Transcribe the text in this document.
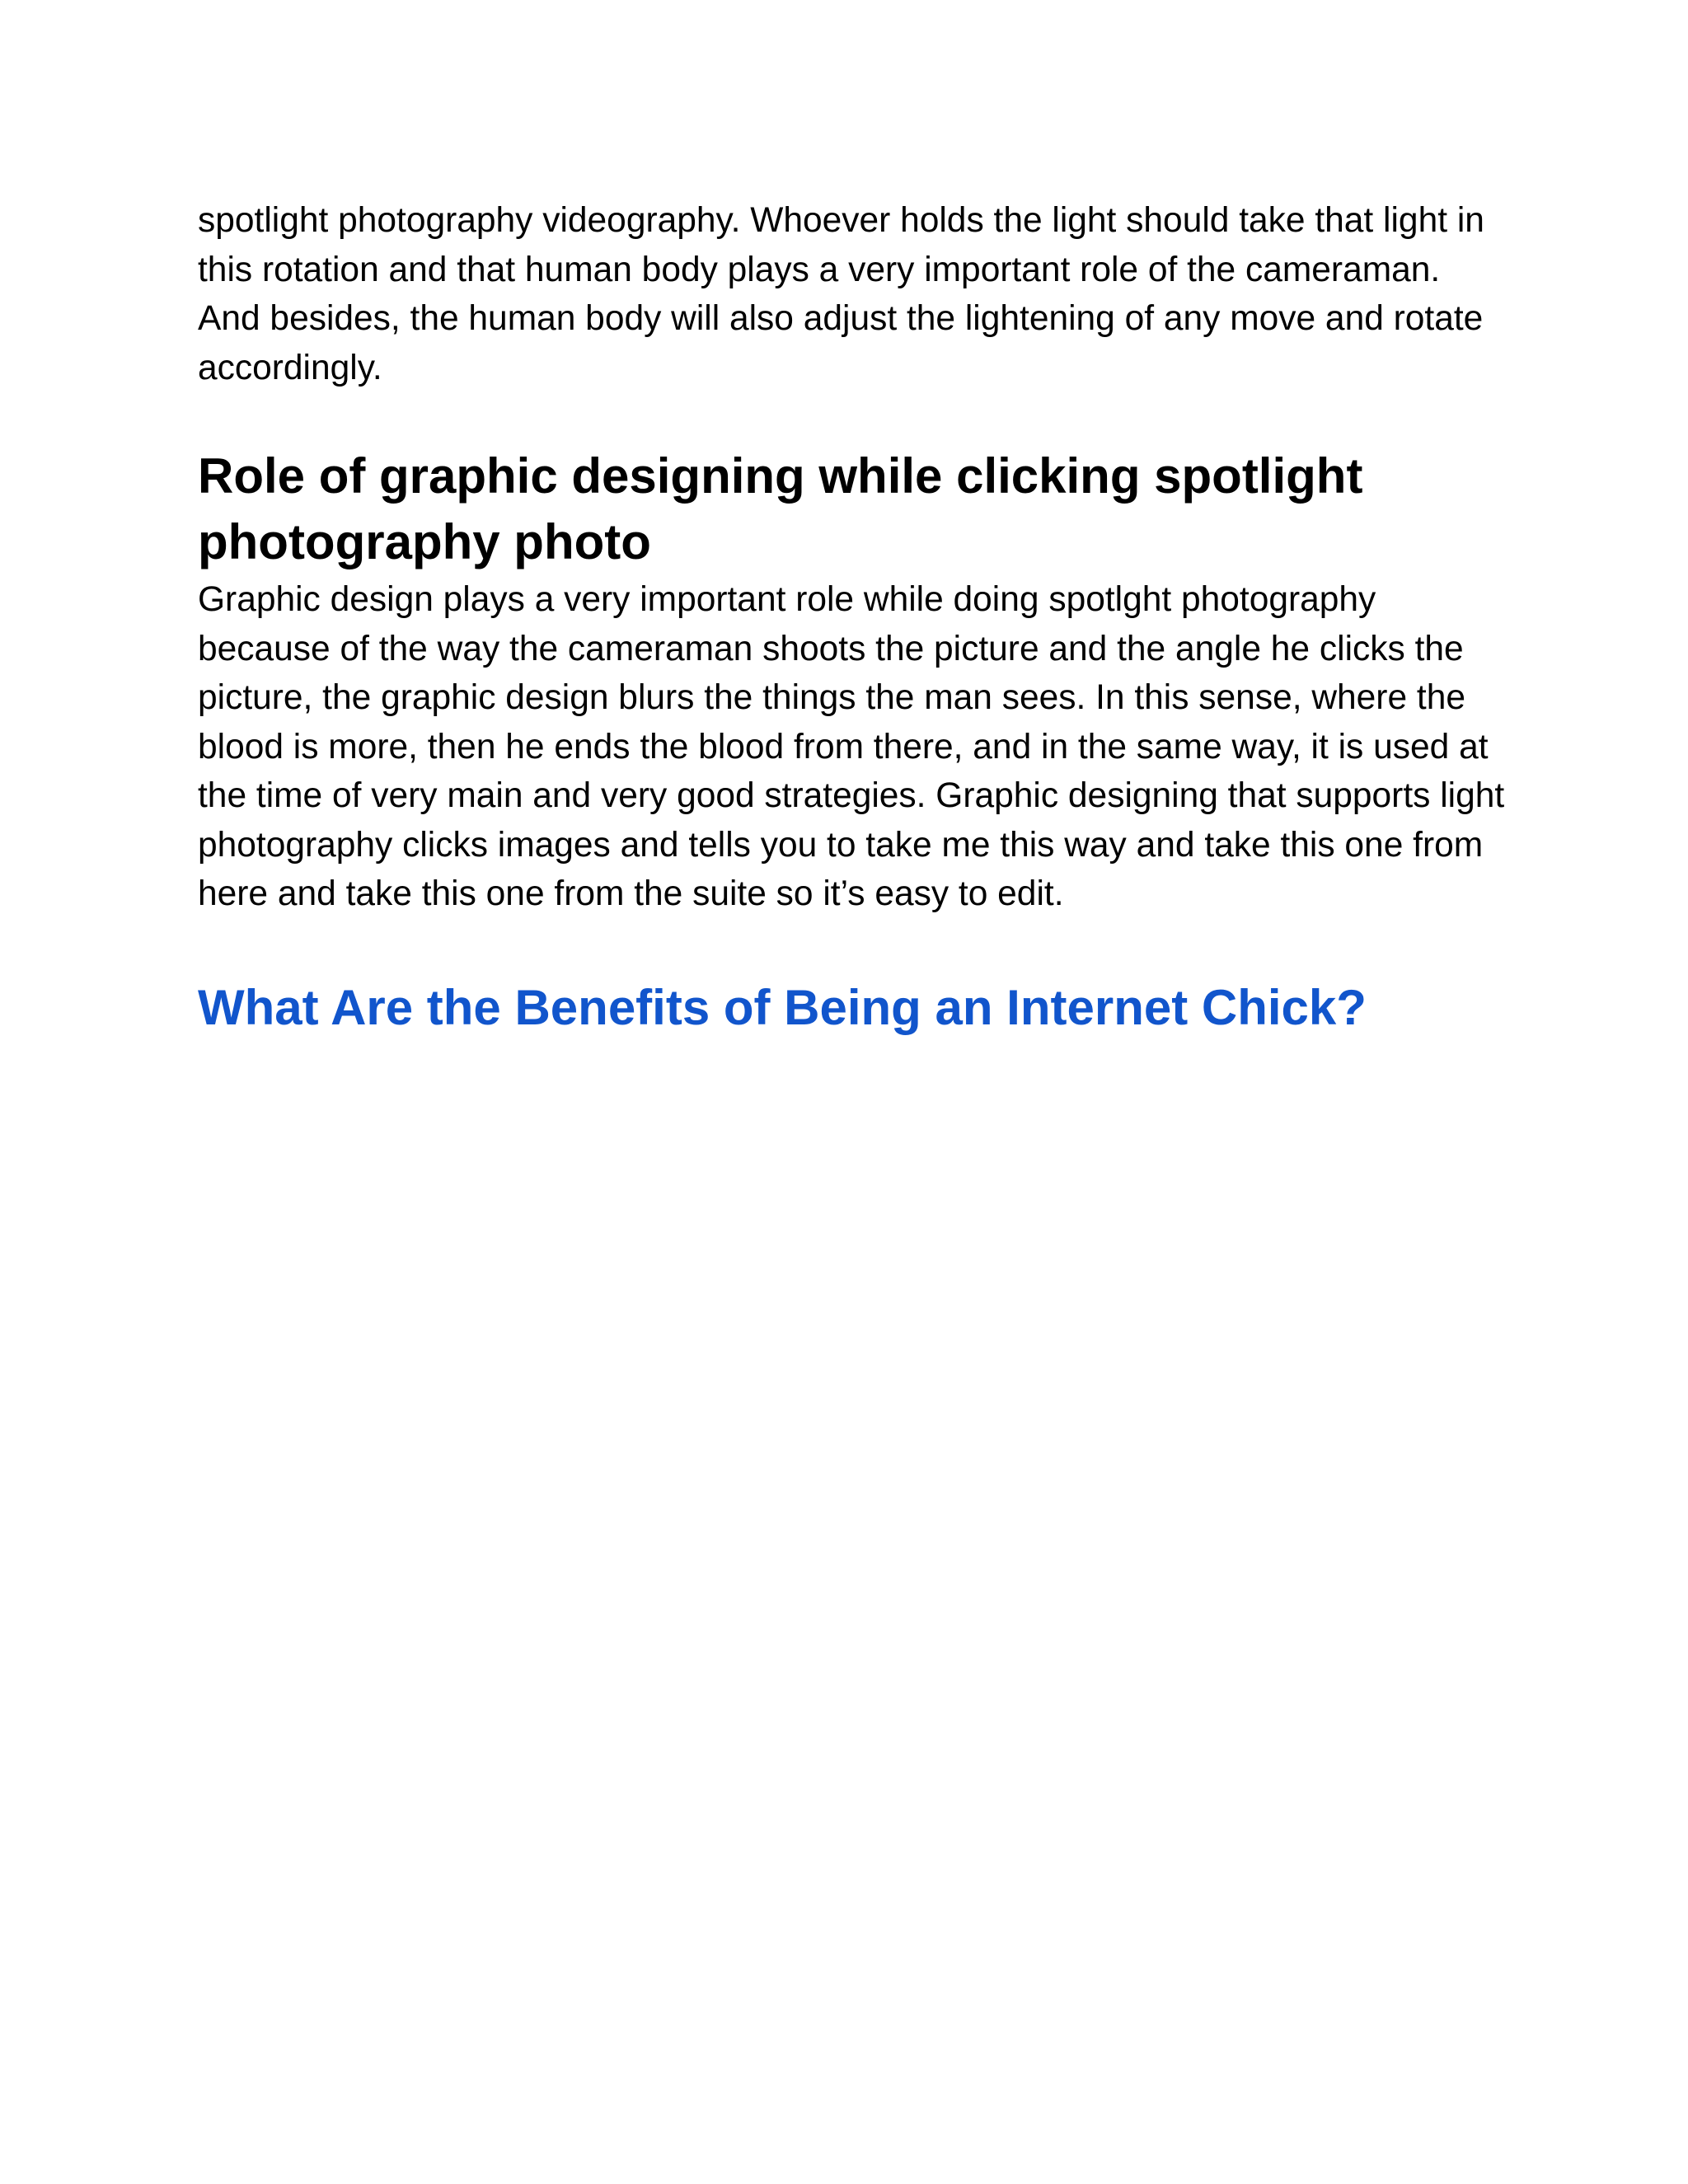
spotlight photography videography. Whoever holds the light should take that light in this rotation and that human body plays a very important role of the cameraman. And besides, the human body will also adjust the lightening of any move and rotate accordingly.

Role of graphic designing while clicking spotlight photography photo

Graphic design plays a very important role while doing spotlght photography because of the way the cameraman shoots the picture and the angle he clicks the picture, the graphic design blurs the things the man sees. In this sense, where the blood is more, then he ends the blood from there, and in the same way, it is used at the time of very main and very good strategies. Graphic designing that supports light photography clicks images and tells you to take me this way and take this one from here and take this one from the suite so it’s easy to edit.

What Are the Benefits of Being an Internet Chick?
